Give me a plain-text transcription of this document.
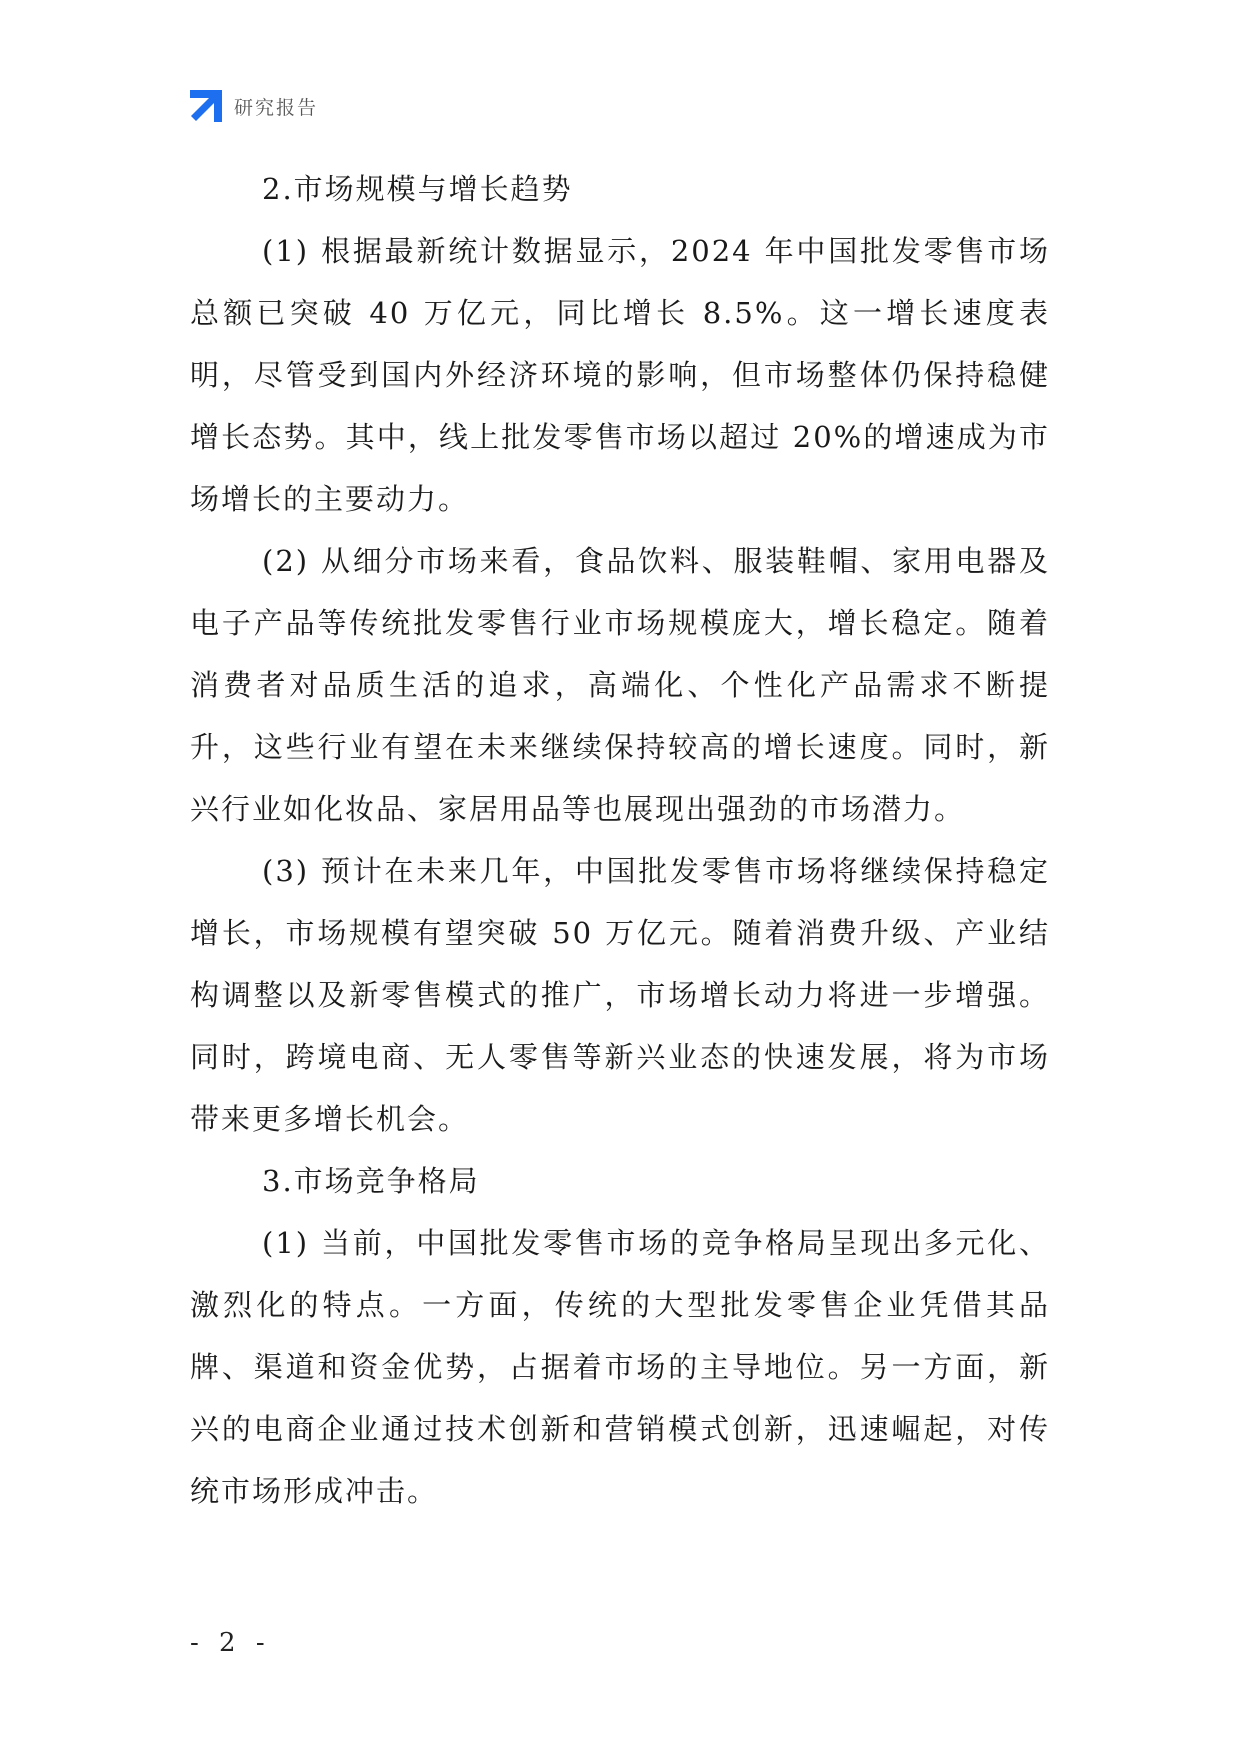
研究报告
2.市场规模与增长趋势

(1) 根据最新统计数据显示，2024 年中国批发零售市场总额已突破 40 万亿元，同比增长 8.5%。这一增长速度表明，尽管受到国内外经济环境的影响，但市场整体仍保持稳健增长态势。其中，线上批发零售市场以超过 20%的增速成为市场增长的主要动力。

(2) 从细分市场来看，食品饮料、服装鞋帽、家用电器及电子产品等传统批发零售行业市场规模庞大，增长稳定。随着消费者对品质生活的追求，高端化、个性化产品需求不断提升，这些行业有望在未来继续保持较高的增长速度。同时，新兴行业如化妆品、家居用品等也展现出强劲的市场潜力。

(3) 预计在未来几年，中国批发零售市场将继续保持稳定增长，市场规模有望突破 50 万亿元。随着消费升级、产业结构调整以及新零售模式的推广，市场增长动力将进一步增强。同时，跨境电商、无人零售等新兴业态的快速发展，将为市场带来更多增长机会。

3.市场竞争格局

(1) 当前，中国批发零售市场的竞争格局呈现出多元化、激烈化的特点。一方面，传统的大型批发零售企业凭借其品牌、渠道和资金优势，占据着市场的主导地位。另一方面，新兴的电商企业通过技术创新和营销模式创新，迅速崛起，对传统市场形成冲击。

- 2 -
